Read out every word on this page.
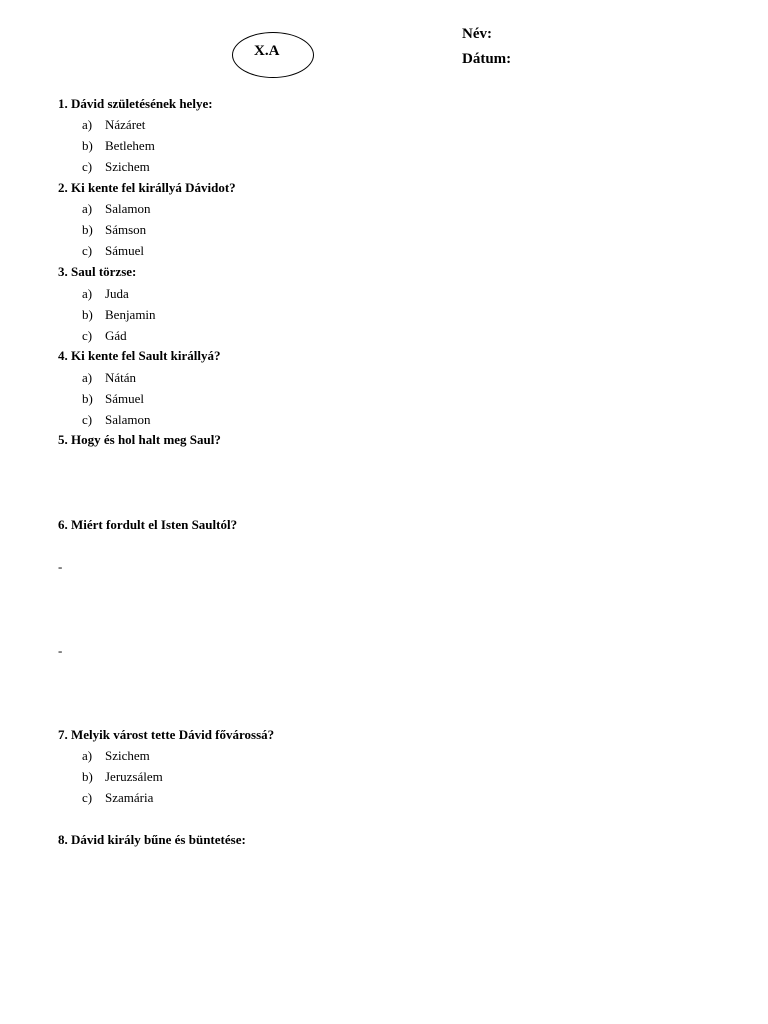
X.A
Név:
Dátum:
1. Dávid születésének helye:
a) Názáret
b) Betlehem
c) Szichem
2. Ki kente fel királlyá Dávidot?
a) Salamon
b) Sámson
c) Sámuel
3. Saul törzse:
a) Juda
b) Benjamin
c) Gád
4. Ki kente fel Sault királlyá?
a) Nátán
b) Sámuel
c) Salamon
5. Hogy és hol halt meg Saul?
6. Miért fordult el Isten Saultól?
-
-
7. Melyik várost tette Dávid fővárossá?
a) Szichem
b) Jeruzsálem
c) Szamária
8. Dávid király bűne és büntetése:
